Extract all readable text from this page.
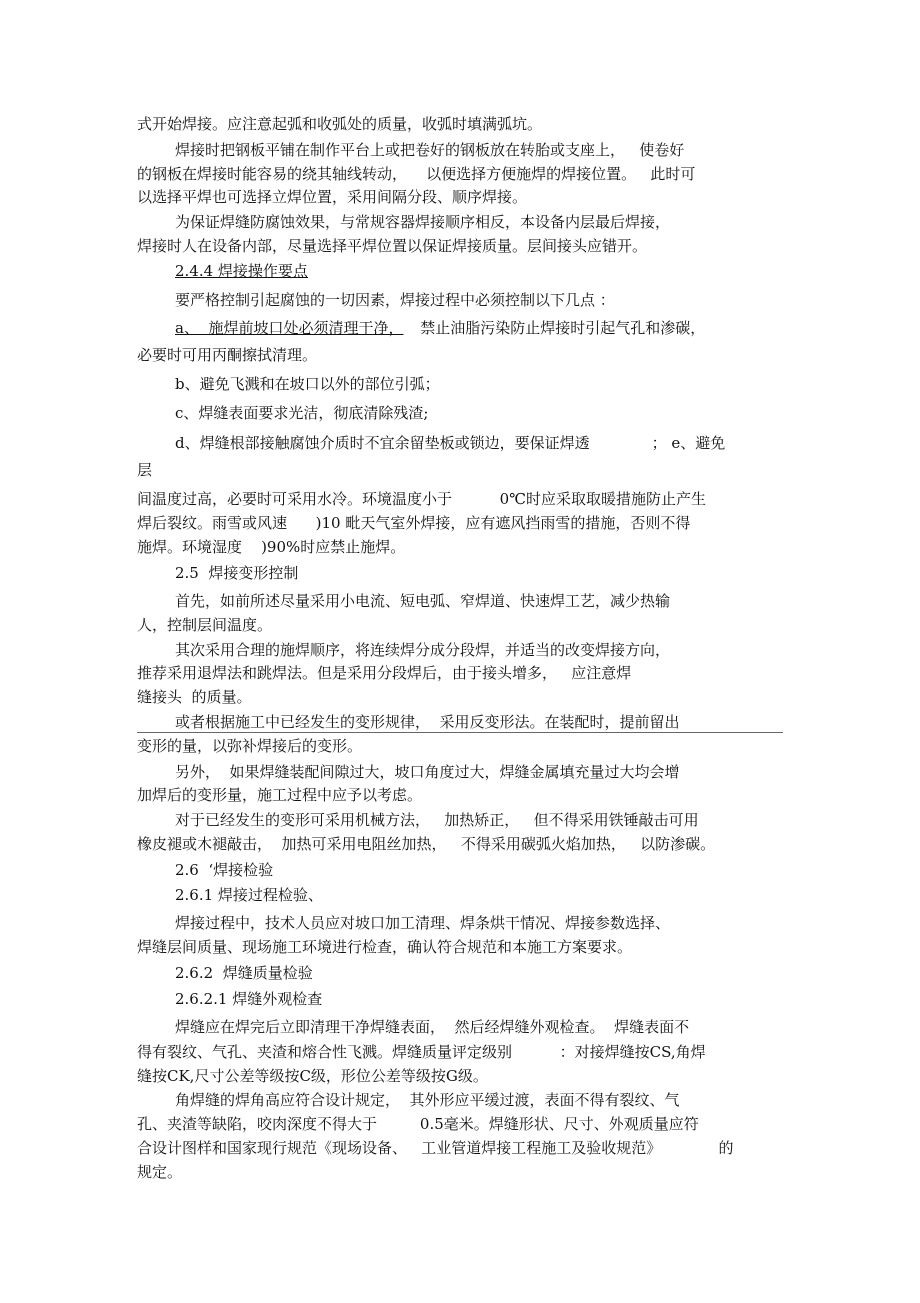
式开始焊接。应注意起弧和收弧处的质量，收弧时填满弧坑。

焊接时把钢板平铺在制作平台上或把卷好的钢板放在转胎或支座上，   使卷好

的钢板在焊接时能容易的绕其轴线转动，    以便选择方便施焊的焊接位置。   此时可

以选择平焊也可选择立焊位置，采用间隔分段、顺序焊接。

为保证焊缝防腐蚀效果，与常规容器焊接顺序相反，本设备内层最后焊接，

焊接时人在设备内部，尽量选择平焊位置以保证焊接质量。层间接头应错开。

2.4.4 焊接操作要点

要严格控制引起腐蚀的一切因素，焊接过程中必须控制以下几点 ：

a、  施焊前坡口处必须清理干净， 禁止油脂污染防止焊接时引起气孔和渗碳，

必要时可用丙酮擦拭清理。

b、避免飞溅和在坡口以外的部位引弧；

c、焊缝表面要求光洁，彻底清除残渣;

d、焊缝根部接触腐蚀介质时不宜余留垫板或锁边，要保证焊透             ； e、避免

层

间温度过高，必要时可采用水冷。环境温度小于          0℃时应采取取暖措施防止产生

焊后裂纹。雨雪或风速      )10 毗天气室外焊接，应有遮风挡雨雪的措施，否则不得

施焊。环境湿度    )90%时应禁止施焊。

2.5  焊接变形控制

首先，如前所述尽量采用小电流、短电弧、窄焊道、快速焊工艺，减少热输

人，控制层间温度。

其次采用合理的施焊顺序，将连续焊分成分段焊，并适当的改变焊接方向，

推荐采用退焊法和跳焊法。但是采用分段焊后，由于接头增多，   应注意焊

缝接头  的质量。

或者根据施工中已经发生的变形规律，  采用反变形法。在装配时，提前留出

变形的量，以弥补焊接后的变形。

另外，  如果焊缝装配间隙过大，坡口角度过大，焊缝金属填充量过大均会增

加焊后的变形量，施工过程中应予以考虑。

对于已经发生的变形可采用机械方法，   加热矫正，   但不得采用铁锤敲击可用

橡皮褪或木褪敲击，  加热可采用电阻丝加热，   不得采用碳弧火焰加热，   以防渗碳。

2.6  ‘焊接检验

2.6.1 焊接过程检验、

焊接过程中，技术人员应对坡口加工清理、焊条烘干情况、焊接参数选择、

焊缝层间质量、现场施工环境进行检查，确认符合规范和本施工方案要求。

2.6.2  焊缝质量检验

2.6.2.1 焊缝外观检查

焊缝应在焊完后立即清理干净焊缝表面，  然后经焊缝外观检查。  焊缝表面不

得有裂纹、气孔、夹渣和熔合性飞溅。焊缝质量评定级别          ：对接焊缝按CS,角焊

缝按CK,尺寸公差等级按C级，形位公差等级按G级。

角焊缝的焊角高应符合设计规定，  其外形应平缓过渡，表面不得有裂纹、气

孔、夹渣等缺陷，咬肉深度不得大于         0.5毫米。焊缝形状、尺寸、外观质量应符

合设计图样和国家现行规范《现场设备、   工业管道焊接工程施工及验收规范》            的

规定。
